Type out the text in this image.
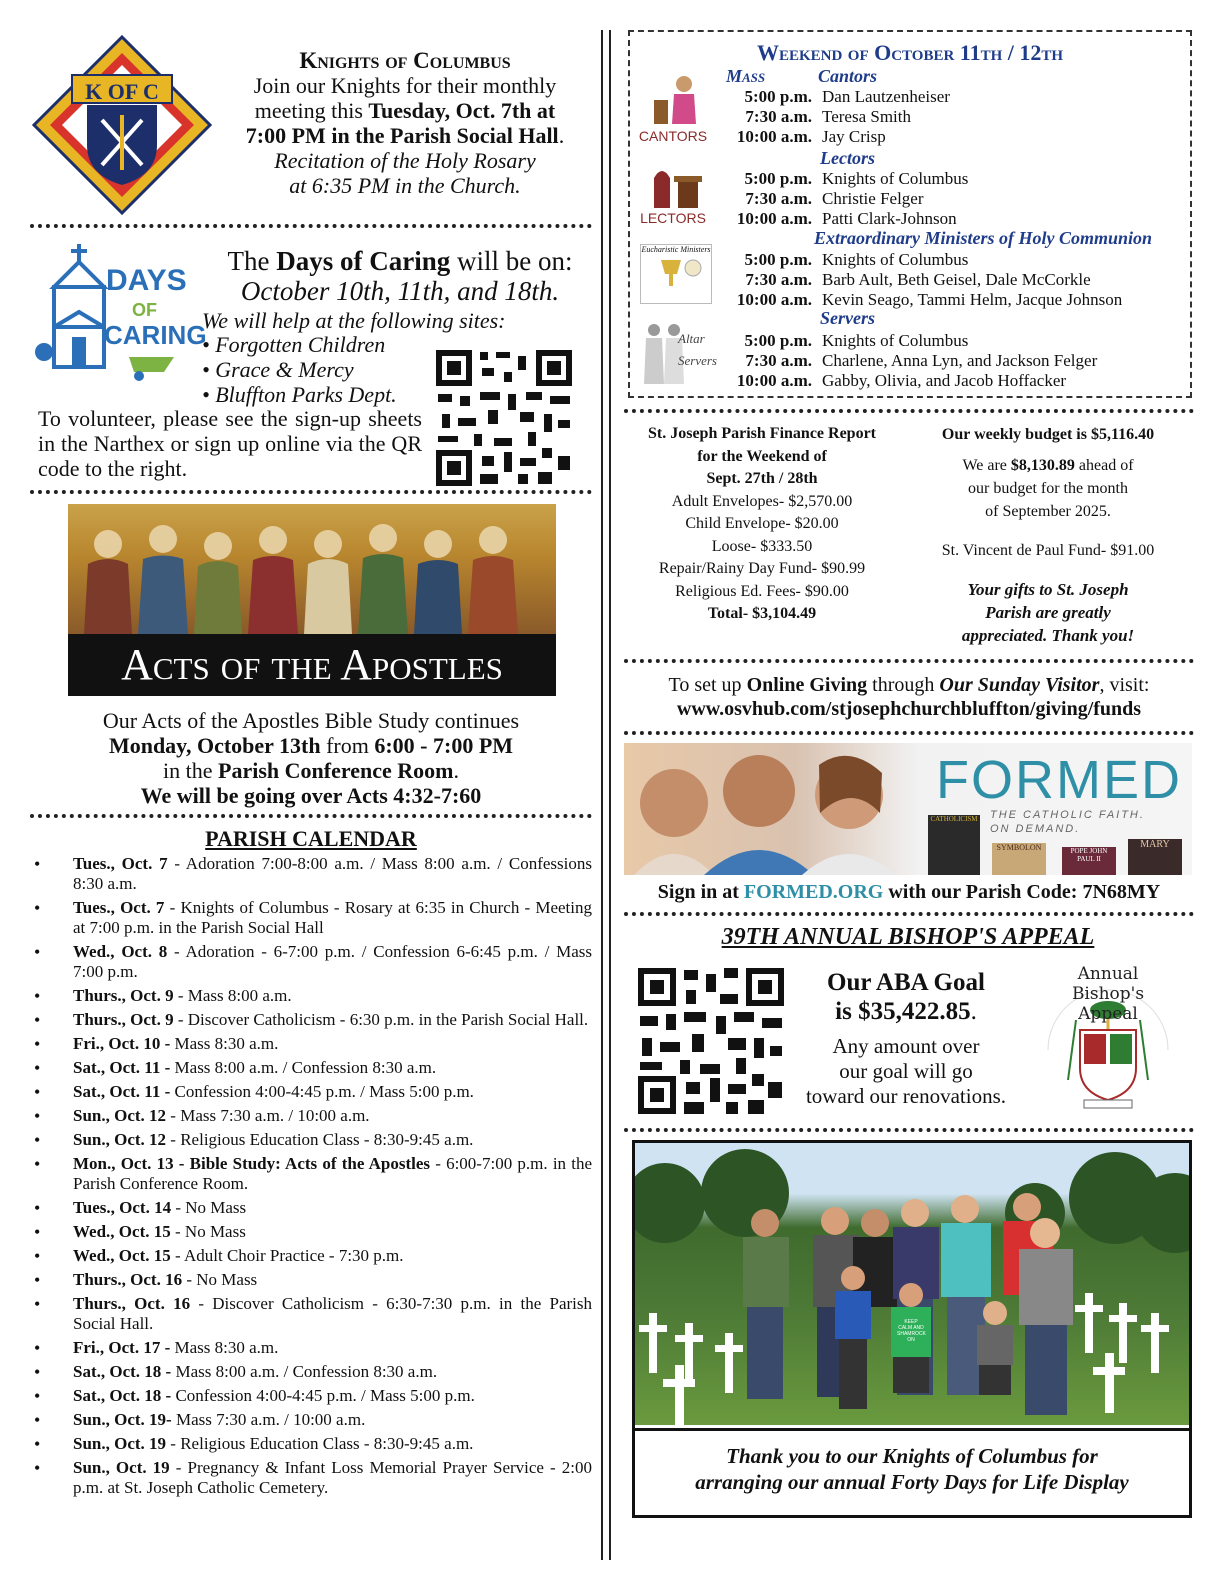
K OF C
Knights of Columbus
Join our Knights for their monthly
meeting this Tuesday, Oct. 7th at
7:00 PM in the Parish Social Hall.
Recitation of the Holy Rosary
at 6:35 PM in the Church.
DAYS
OF
CARING
The Days of Caring will be on:
October 10th, 11th, and 18th.
We will help at the following sites:
• Forgotten Children
• Grace & Mercy
• Bluffton Parks Dept.
To volunteer, please see the sign-up sheets in the Narthex or sign up online via the QR code to the right.
Acts of the Apostles
Our Acts of the Apostles Bible Study continues
Monday, October 13th from 6:00 - 7:00 PM
in the Parish Conference Room.
We will be going over Acts 4:32-7:60
PARISH CALENDAR
• Tues., Oct. 7 - Adoration 7:00-8:00 a.m. / Mass 8:00 a.m. / Confessions 8:30 a.m.
• Tues., Oct. 7 - Knights of Columbus - Rosary at 6:35 in Church - Meeting at 7:00 p.m. in the Parish Social Hall
• Wed., Oct. 8 - Adoration - 6-7:00 p.m. / Confession 6-6:45 p.m. / Mass 7:00 p.m.
• Thurs., Oct. 9 - Mass 8:00 a.m.
• Thurs., Oct. 9 - Discover Catholicism - 6:30 p.m. in the Parish Social Hall.
• Fri., Oct. 10 - Mass 8:30 a.m.
• Sat., Oct. 11 - Mass 8:00 a.m. / Confession 8:30 a.m.
• Sat., Oct. 11 - Confession 4:00-4:45 p.m. / Mass 5:00 p.m.
• Sun., Oct. 12 - Mass 7:30 a.m. / 10:00 a.m.
• Sun., Oct. 12 - Religious Education Class - 8:30-9:45 a.m.
• Mon., Oct. 13 - Bible Study: Acts of the Apostles - 6:00-7:00 p.m. in the Parish Conference Room.
• Tues., Oct. 14 - No Mass
• Wed., Oct. 15 - No Mass
• Wed., Oct. 15 - Adult Choir Practice - 7:30 p.m.
• Thurs., Oct. 16 - No Mass
• Thurs., Oct. 16 - Discover Catholicism - 6:30-7:30 p.m. in the Parish Social Hall.
• Fri., Oct. 17 - Mass 8:30 a.m.
• Sat., Oct. 18 - Mass 8:00 a.m. / Confession 8:30 a.m.
• Sat., Oct. 18 - Confession 4:00-4:45 p.m. / Mass 5:00 p.m.
• Sun., Oct. 19- Mass 7:30 a.m. / 10:00 a.m.
• Sun., Oct. 19 - Religious Education Class - 8:30-9:45 a.m.
• Sun., Oct. 19 - Pregnancy & Infant Loss Memorial Prayer Service - 2:00 p.m. at St. Joseph Catholic Cemetery.
Weekend of October 11th / 12th
Mass	Cantors
CANTORS
5:00 p.m. Dan Lautzenheiser
7:30 a.m. Teresa Smith
10:00 a.m. Jay Crisp
Lectors
LECTORS
5:00 p.m. Knights of Columbus
7:30 a.m. Christie Felger
10:00 a.m. Patti Clark-Johnson
Extraordinary Ministers of Holy Communion
Eucharistic Ministers
5:00 p.m. Knights of Columbus
7:30 a.m. Barb Ault, Beth Geisel, Dale McCorkle
10:00 a.m. Kevin Seago, Tammi Helm, Jacque Johnson
Servers
Altar Servers
5:00 p.m. Knights of Columbus
7:30 a.m. Charlene, Anna Lyn, and Jackson Felger
10:00 a.m. Gabby, Olivia, and Jacob Hoffacker
St. Joseph Parish Finance Report
for the Weekend of
Sept. 27th / 28th
Adult Envelopes- $2,570.00
Child Envelope- $20.00
Loose- $333.50
Repair/Rainy Day Fund- $90.99
Religious Ed. Fees- $90.00
Total- $3,104.49
Our weekly budget is $5,116.40
We are $8,130.89 ahead of
our budget for the month
of September 2025.
St. Vincent de Paul Fund- $91.00
Your gifts to St. Joseph
Parish are greatly
appreciated. Thank you!
To set up Online Giving through Our Sunday Visitor, visit:
www.osvhub.com/stjosephchurchbluffton/giving/funds
FORMED
THE CATHOLIC FAITH.
ON DEMAND.
CATHOLICISM
SYMBOLON	POPE JOHN PAUL II
MARY
Sign in at FORMED.ORG with our Parish Code: 7N68MY
39TH ANNUAL BISHOP'S APPEAL
Our ABA Goal
is $35,422.85.
Any amount over
our goal will go
toward our renovations.
Annual Bishop's Appeal
KEEP CALM AND SHAMROCK ON
Thank you to our Knights of Columbus for
arranging our annual Forty Days for Life Display
